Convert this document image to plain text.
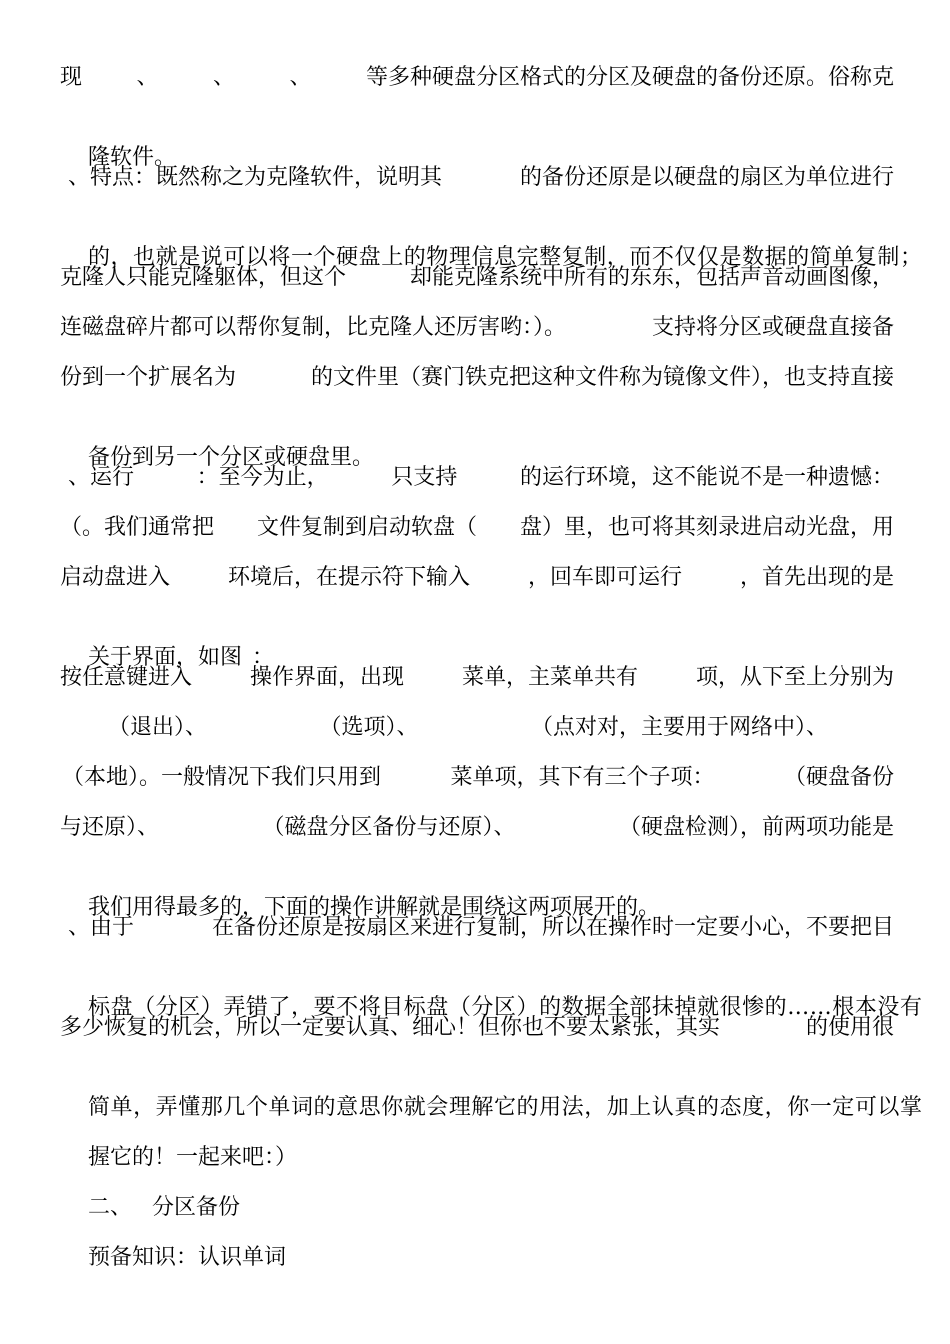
现 、 、 、 等多种硬盘分区格式的分区及硬盘的备份还原。俗称克

隆软件。

、特点：既然称之为克隆软件，说明其	的备份还原是以硬盘的扇区为单位进行

的，也就是说可以将一个硬盘上的物理信息完整复制，而不仅仅是数据的简单复制；

克隆人只能克隆躯体，但这个	却能克隆系统中所有的东东，包括声音动画图像，
连磁盘碎片都可以帮你复制，比克隆人还厉害哟：）。	支持将分区或硬盘直接备
份到一个扩展名为	的文件里（赛门铁克把这种文件称为镜像文件），也支持直接

备份到另一个分区或硬盘里。

、运行	：至今为止，	只支持	的运行环境，这不能说不是一种遗憾：
（。我们通常把 文件复制到启动软盘（ 盘）里，也可将其刻录进启动光盘，用
启动盘进入	环境后，在提示符下输入	，回车即可运行	，首先出现的是

关于界面，如图 ：

按任意键进入	操作界面，出现	菜单，主菜单共有	项，从下至上分别为
（退出）、	（选项）、	（点对对，主要用于网络中）、
（本地）。一般情况下我们只用到	菜单项，其下有三个子项：	（硬盘备份
与还原）、	（磁盘分区备份与还原）、	（硬盘检测），前两项功能是

我们用得最多的，下面的操作讲解就是围绕这两项展开的。

、由于	在备份还原是按扇区来进行复制，所以在操作时一定要小心，不要把目

标盘（分区）弄错了，要不将目标盘（分区）的数据全部抹掉就很惨的……根本没有

多少恢复的机会，所以一定要认真、细心！但你也不要太紧张，其实	的使用很

简单，弄懂那几个单词的意思你就会理解它的用法，加上认真的态度，你一定可以掌

握它的！一起来吧：）

二、 分区备份

预备知识：认识单词
